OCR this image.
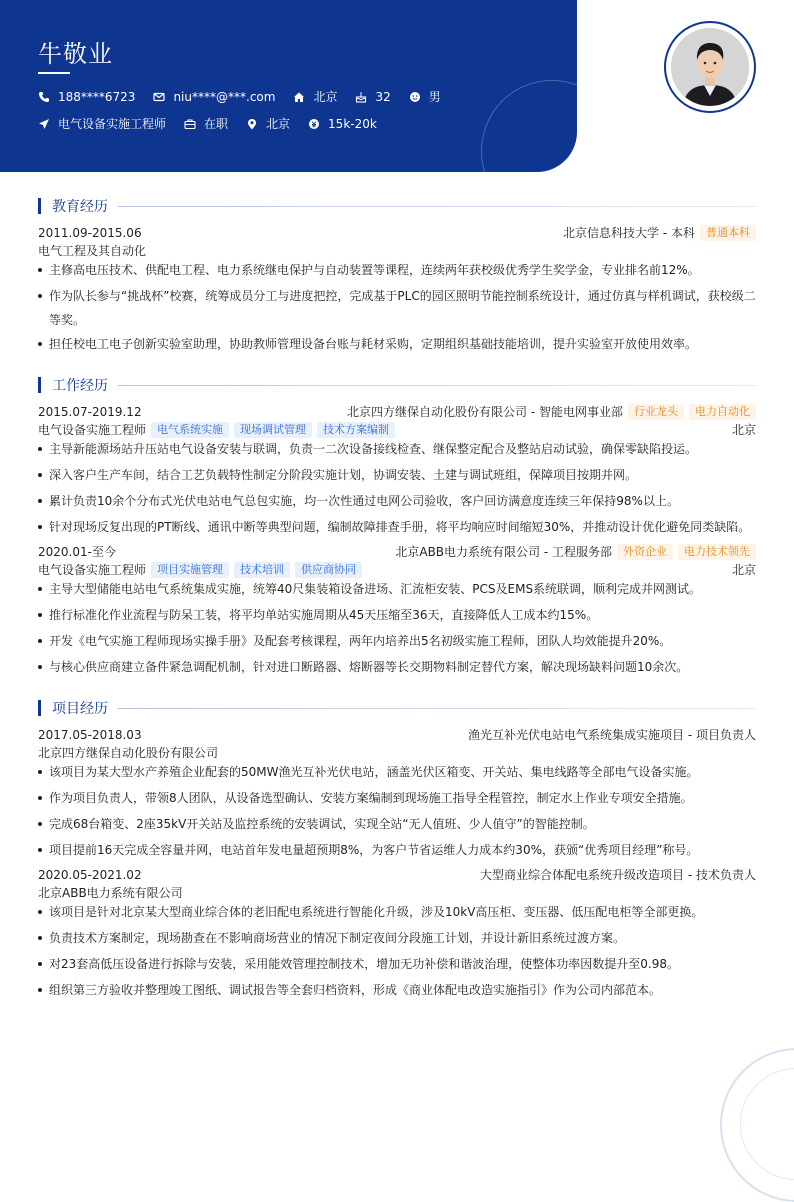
牛敬业
188****6723	niu****@***.com	北京	32	男
电气设备实施工程师	在职	北京	15k-20k
教育经历
2011.09-2015.06	北京信息科技大学 - 本科	普通本科
电气工程及其自动化
主修高电压技术、供配电工程、电力系统继电保护与自动装置等课程，连续两年获校级优秀学生奖学金，专业排名前12%。
作为队长参与“挑战杯”校赛，统筹成员分工与进度把控，完成基于PLC的园区照明节能控制系统设计，通过仿真与样机调试，获校级二等奖。
担任校电工电子创新实验室助理，协助教师管理设备台账与耗材采购，定期组织基础技能培训，提升实验室开放使用效率。
工作经历
2015.07-2019.12	北京四方继保自动化股份有限公司 - 智能电网事业部	行业龙头	电力自动化
电气设备实施工程师	电气系统实施	现场调试管理	技术方案编制	北京
主导新能源场站升压站电气设备安装与联调，负责一二次设备接线检查、继保整定配合及整站启动试验，确保零缺陷投运。
深入客户生产车间，结合工艺负载特性制定分阶段实施计划，协调安装、土建与调试班组，保障项目按期并网。
累计负责10余个分布式光伏电站电气总包实施，均一次性通过电网公司验收，客户回访满意度连续三年保持98%以上。
针对现场反复出现的PT断线、通讯中断等典型问题，编制故障排查手册，将平均响应时间缩短30%，并推动设计优化避免同类缺陷。
2020.01-至今	北京ABB电力系统有限公司 - 工程服务部	外资企业	电力技术领先
电气设备实施工程师	项目实施管理	技术培训	供应商协同	北京
主导大型储能电站电气系统集成实施，统筹40尺集装箱设备进场、汇流柜安装、PCS及EMS系统联调，顺利完成并网测试。
推行标准化作业流程与防呆工装，将平均单站实施周期从45天压缩至36天，直接降低人工成本约15%。
开发《电气实施工程师现场实操手册》及配套考核课程，两年内培养出5名初级实施工程师，团队人均效能提升20%。
与核心供应商建立备件紧急调配机制，针对进口断路器、熔断器等长交期物料制定替代方案，解决现场缺料问题10余次。
项目经历
2017.05-2018.03	渔光互补光伏电站电气系统集成实施项目 - 项目负责人
北京四方继保自动化股份有限公司
该项目为某大型水产养殖企业配套的50MW渔光互补光伏电站，涵盖光伏区箱变、开关站、集电线路等全部电气设备实施。
作为项目负责人，带领8人团队，从设备选型确认、安装方案编制到现场施工指导全程管控，制定水上作业专项安全措施。
完成68台箱变、2座35kV开关站及监控系统的安装调试，实现全站“无人值班、少人值守”的智能控制。
项目提前16天完成全容量并网，电站首年发电量超预期8%，为客户节省运维人力成本约30%，获颁“优秀项目经理”称号。
2020.05-2021.02	大型商业综合体配电系统升级改造项目 - 技术负责人
北京ABB电力系统有限公司
该项目是针对北京某大型商业综合体的老旧配电系统进行智能化升级，涉及10kV高压柜、变压器、低压配电柜等全部更换。
负责技术方案制定，现场勘查在不影响商场营业的情况下制定夜间分段施工计划，并设计新旧系统过渡方案。
对23套高低压设备进行拆除与安装，采用能效管理控制技术，增加无功补偿和谐波治理，使整体功率因数提升至0.98。
组织第三方验收并整理竣工图纸、调试报告等全套归档资料，形成《商业体配电改造实施指引》作为公司内部范本。
